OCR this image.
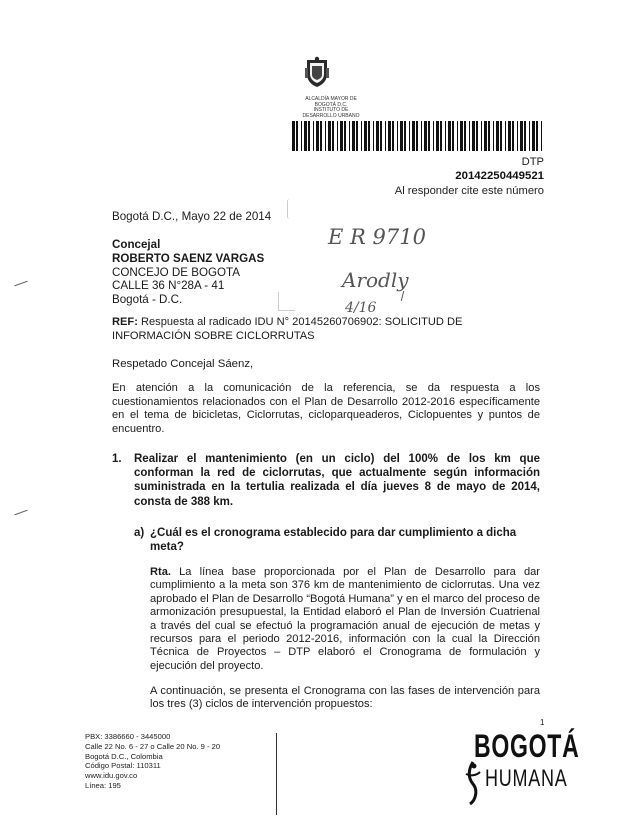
ALCALDÍA MAYOR DE BOGOTÁ D.C.
INSTITUTO DE DESARROLLO URBANO
DTP
20142250449521
Al responder cite este número
Bogotá D.C., Mayo 22 de 2014
Concejal
ROBERTO SAENZ VARGAS
CONCEJO DE BOGOTA
CALLE 36 N°28A - 41
Bogotá - D.C.
E R 9710
Arodly
4/16
REF: Respuesta al radicado IDU N° 20145260706902: SOLICITUD DE INFORMACIÓN SOBRE CICLORRUTAS
Respetado Concejal Sáenz,

En atención a la comunicación de la referencia, se da respuesta a los cuestionamientos relacionados con el Plan de Desarrollo 2012-2016 específicamente en el tema de bicicletas, Ciclorrutas, cicloparqueaderos, Ciclopuentes y puntos de encuentro.

1.	Realizar el mantenimiento (en un ciclo) del 100% de los km que conforman la red de ciclorrutas, que actualmente según información suministrada en la tertulia realizada el día jueves 8 de mayo de 2014, consta de 388 km.
a) ¿Cuál es el cronograma establecido para dar cumplimiento a dicha meta?

Rta. La línea base proporcionada por el Plan de Desarrollo para dar cumplimiento a la meta son 376 km de mantenimiento de ciclorrutas. Una vez aprobado el Plan de Desarrollo “Bogotá Humana” y en el marco del proceso de armonización presupuestal, la Entidad elaboró el Plan de Inversión Cuatrienal a través del cual se efectuó la programación anual de ejecución de metas y recursos para el periodo 2012-2016, información con la cual la Dirección Técnica de Proyectos – DTP elaboró el Cronograma de formulación y ejecución del proyecto.

A continuación, se presenta el Cronograma con las fases de intervención para los tres (3) ciclos de intervención propuestos:

1
PBX: 3386660 - 3445000
Calle 22 No. 6 - 27 o Calle 20 No. 9 - 20
Bogotá D.C., Colombia
Código Postal: 110311
www.idu.gov.co
Línea: 195
BOGOTÁ
HUMANA
